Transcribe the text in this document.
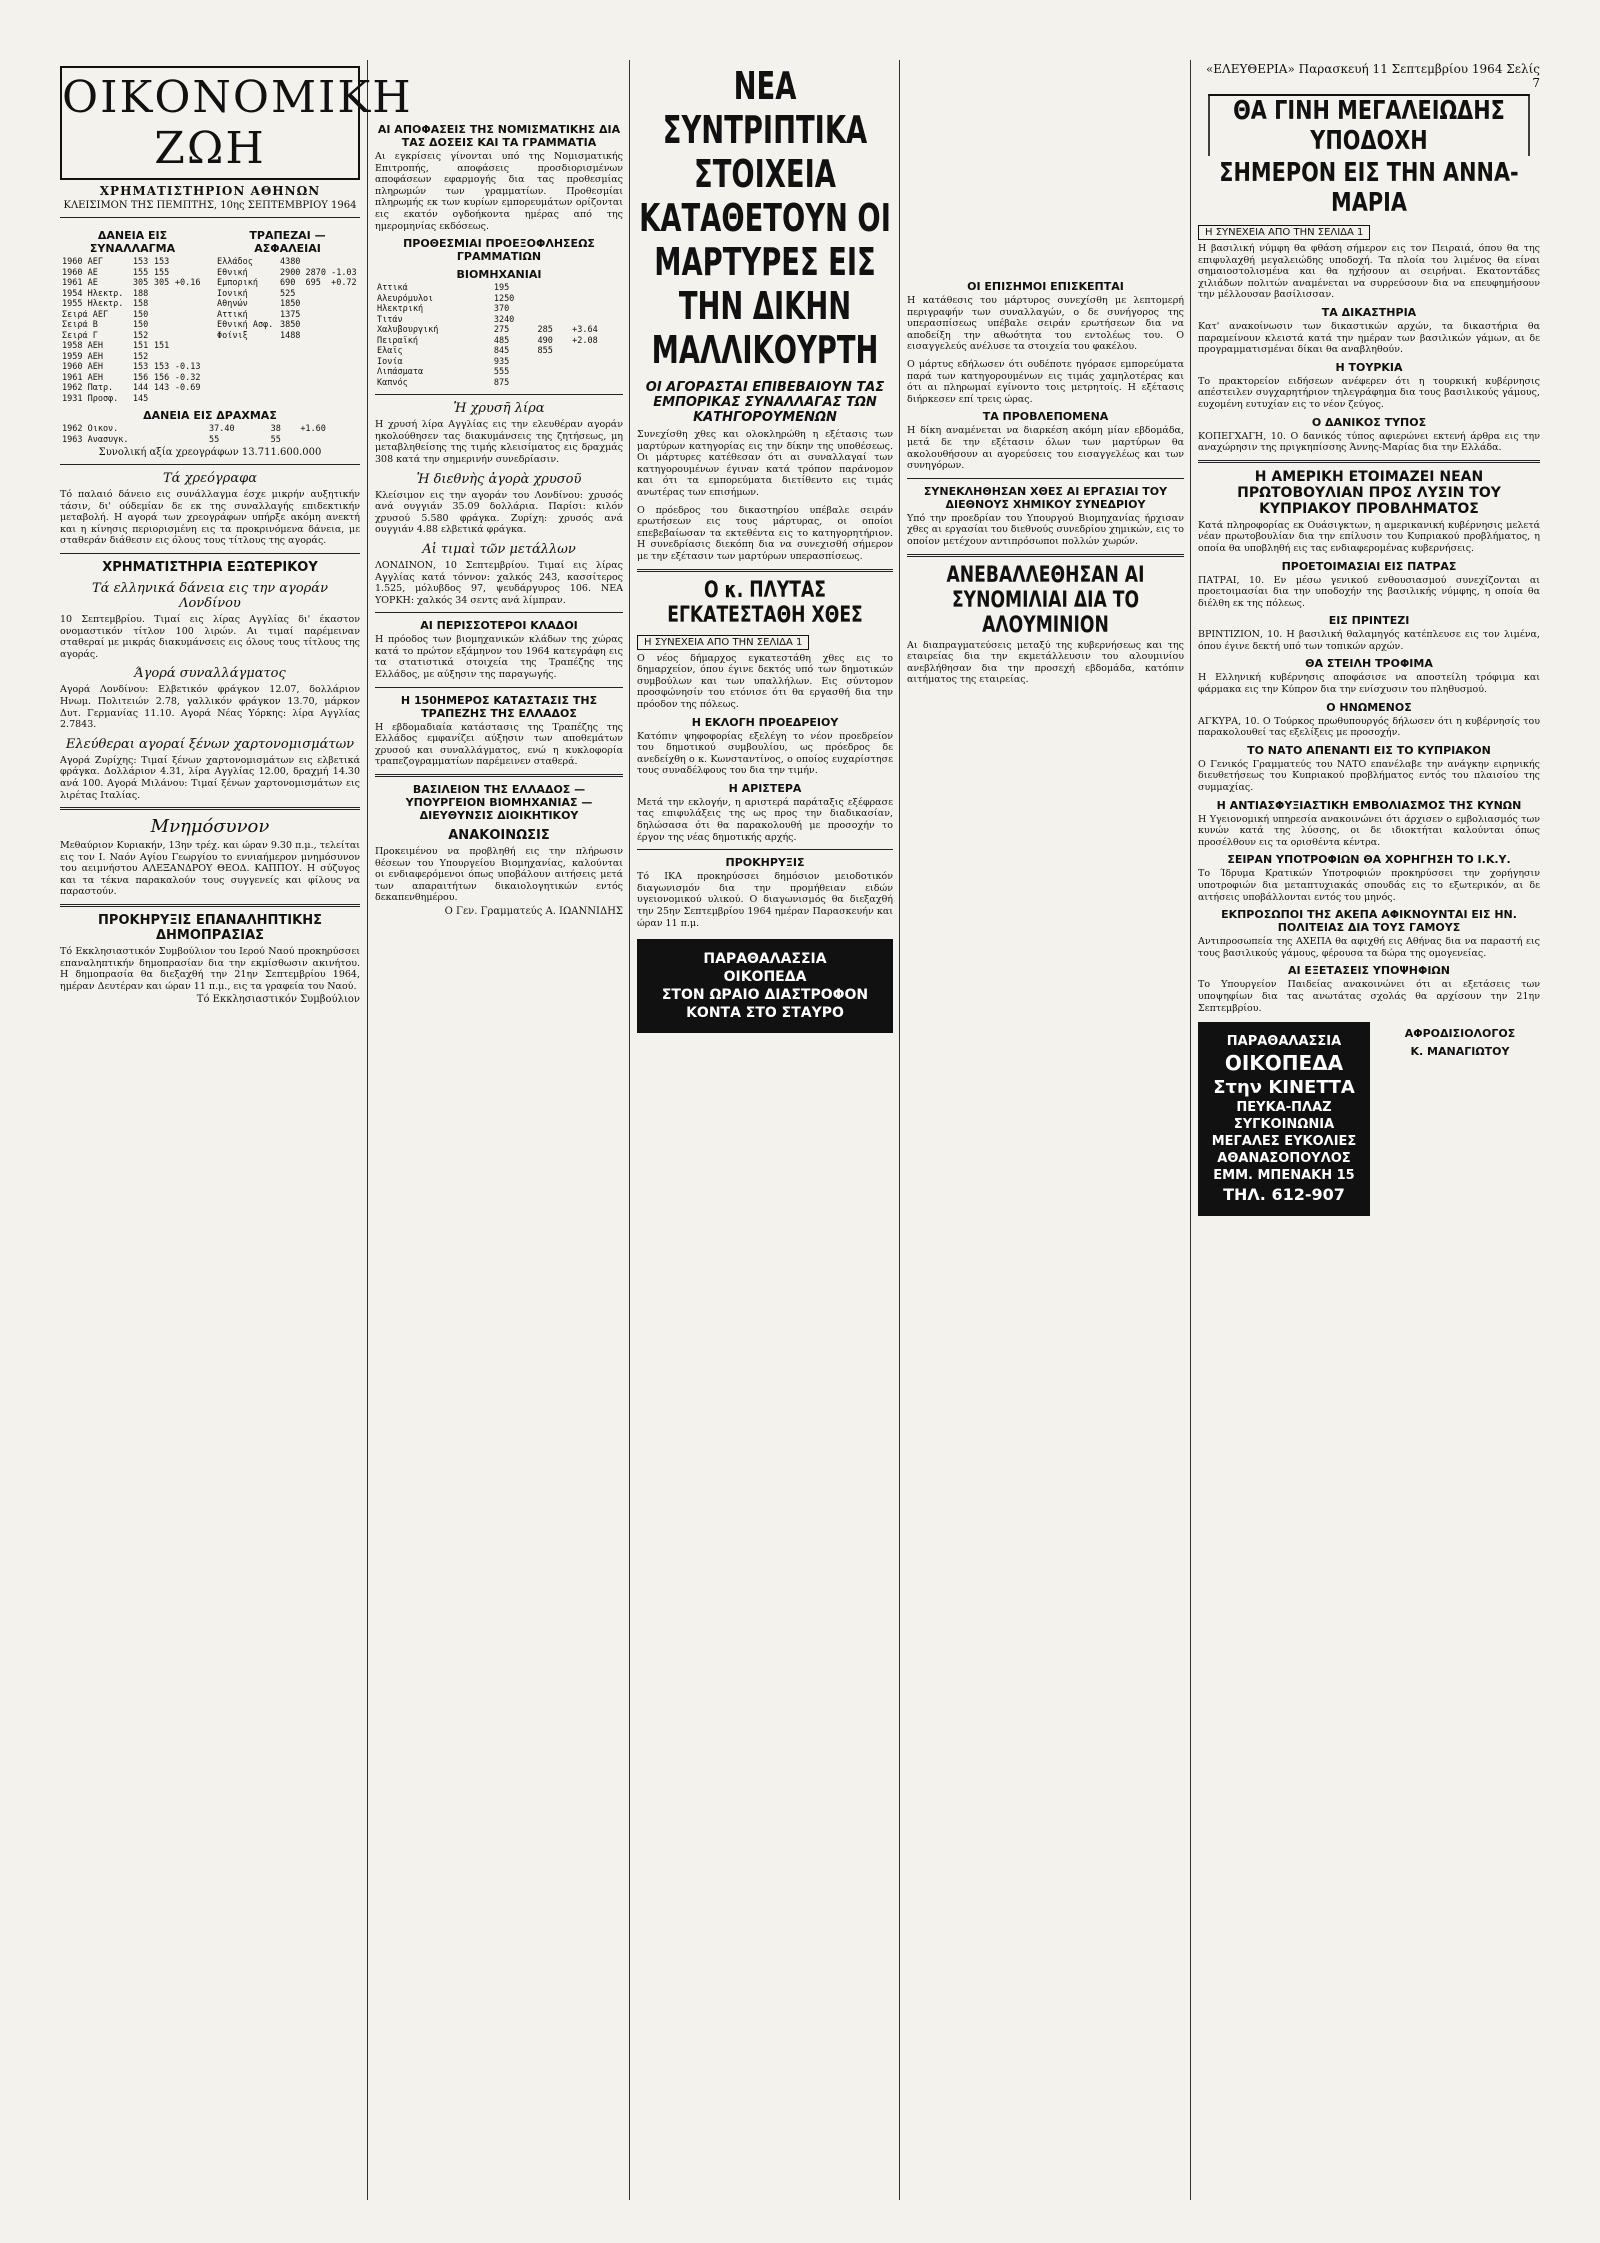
ΟΙΚΟΝΟΜΙΚΗ ΖΩΗ
ΧΡΗΜΑΤΙΣΤΗΡΙΟΝ ΑΘΗΝΩΝ
ΚΛΕΙΣΙΜΟΝ ΤΗΣ ΠΕΜΠΤΗΣ, 10ης ΣΕΠΤΕΜΒΡΙΟΥ 1964
ΔΑΝΕΙΑ ΕΙΣ ΣΥΝΑΛΛΑΓΜΑ
1960 ΑΕΓ	153	153	
1960 ΑΕ	155	155	
1961 ΑΕ	305	305	+0.16
1954 Ηλεκτρ.	188		
1955 Ηλεκτρ.	158		
Σειρά ΑΕΓ	150		
Σειρά Β	150		
Σειρά Γ	152		
1958 ΑΕΗ	151	151	
1959 ΑΕΗ	152		
1960 ΑΕΗ	153	153	-0.13
1961 ΑΕΗ	156	156	-0.32
1962 Πατρ.	144	143	-0.69
1931 Προσφ.	145		
ΤΡΑΠΕΖΑΙ — ΑΣΦΑΛΕΙΑΙ
Ελλάδος	4380		
Εθνική	2900	2870	-1.03
Εμπορική	690	695	+0.72
Ιονική	525		
Αθηνών	1850		
Αττική	1375		
Εθνική Ασφ.	3850		
Φοίνιξ	1488		
ΔΑΝΕΙΑ ΕΙΣ ΔΡΑΧΜΑΣ
1962 Οικον.	37.40	38	+1.60
1963 Ανασυγκ.	55	55	
Συνολική αξία χρεογράφων 13.711.600.000
Τά χρεόγραφα
Τό παλαιό δάνειο εις συνάλλαγμα έσχε μικρήν αυξητικήν τάσιν, δι' ούδεμίαν δε εκ της συναλλαγής επιδεκτικήν μεταβολή. Η αγορά των χρεογράφων υπήρξε ακόμη ανεκτή και η κίνησις περιορισμένη εις τα προκρινόμενα δάνεια, με σταθεράν διάθεσιν εις όλους τους τίτλους της αγοράς.
ΧΡΗΜΑΤΙΣΤΗΡΙΑ ΕΞΩΤΕΡΙΚΟΥ
Τά ελληνικά δάνεια εις την αγοράν Λονδίνου
10 Σεπτεμβρίου. Τιμαί εις λίρας Αγγλίας δι' έκαστον ονομαστικόν τίτλον 100 λιρών. Αι τιμαί παρέμειναν σταθεραί με μικράς διακυμάνσεις εις όλους τους τίτλους της αγοράς.
Άγορά συναλλάγματος
Αγορά Λονδίνου: Ελβετικόν φράγκον 12.07, δολλάριον Ηνωμ. Πολιτειών 2.78, γαλλικόν φράγκον 13.70, μάρκον Δυτ. Γερμανίας 11.10. Αγορά Νέας Υόρκης: λίρα Αγγλίας 2.7843.
Ελεύθεραι αγοραί ξένων χαρτονομισμάτων
Αγορά Ζυρίχης: Τιμαί ξένων χαρτονομισμάτων εις ελβετικά φράγκα. Δολλάριον 4.31, λίρα Αγγλίας 12.00, δραχμή 14.30 ανά 100. Αγορά Μιλάνου: Τιμαί ξένων χαρτονομισμάτων εις λιρέτας Ιταλίας.
Μνημόσυνον
Μεθαύριον Κυριακήν, 13ην τρέχ. και ώραν 9.30 π.μ., τελείται εις τον Ι. Ναόν Αγίου Γεωργίου το εννιαήμερον μνημόσυνον του αειμνήστου ΑΛΕΞΑΝΔΡΟΥ ΘΕΟΔ. ΚΑΠΠΟΥ. Η σύζυγος και τα τέκνα παρακαλούν τους συγγενείς και φίλους να παραστούν.
ΠΡΟΚΗΡΥΞΙΣ ΕΠΑΝΑΛΗΠΤΙΚΗΣ ΔΗΜΟΠΡΑΣΙΑΣ
Τό Εκκλησιαστικόν Συμβούλιον του Ιερού Ναού προκηρύσσει επαναληπτικήν δημοπρασίαν δια την εκμίσθωσιν ακινήτου. Η δημοπρασία θα διεξαχθή την 21ην Σεπτεμβρίου 1964, ημέραν Δευτέραν και ώραν 11 π.μ., εις τα γραφεία του Ναού.
Τό Εκκλησιαστικόν Συμβούλιον
ΑΙ ΑΠΟΦΑΣΕΙΣ ΤΗΣ ΝΟΜΙΣΜΑΤΙΚΗΣ ΔΙΑ ΤΑΣ ΔΟΣΕΙΣ ΚΑΙ ΤΑ ΓΡΑΜΜΑΤΙΑ
Αι εγκρίσεις γίνονται υπό της Νομισματικής Επιτροπής, αποφάσεις προσδιορισμένων αποφάσεων εφαρμογής δια τας προθεσμίας πληρωμών των γραμματίων. Προθεσμίαι πληρωμής εκ των κυρίων εμπορευμάτων ορίζονται εις εκατόν ογδοήκοντα ημέρας από της ημερομηνίας εκδόσεως.
ΠΡΟΘΕΣΜΙΑΙ ΠΡΟΕΞΟΦΛΗΣΕΩΣ ΓΡΑΜΜΑΤΙΩΝ
ΒΙΟΜΗΧΑΝΙΑΙ
Αττικά	195		
Αλευρόμυλοι	1250		
Ηλεκτρική	370		
Τιτάν	3240		
Χαλυβουργική	275	285	+3.64
Πειραϊκή	485	490	+2.08
Ελαϊς	845	855	
Ιονία	935		
Λιπάσματα	555		
Καπνός	875		
Ἡ χρυσῆ λίρα
Η χρυσή λίρα Αγγλίας εις την ελευθέραν αγοράν ηκολούθησεν τας διακυμάνσεις της ζητήσεως, μη μεταβληθείσης της τιμής κλεισίματος εις δραχμάς 308 κατά την σημερινήν συνεδρίασιν.
Ἡ διεθνὴς ἀγορὰ χρυσοῦ
Κλείσιμον εις την αγοράν του Λονδίνου: χρυσός ανά ουγγιάν 35.09 δολλάρια. Παρίσι: κιλόν χρυσού 5.580 φράγκα. Ζυρίχη: χρυσός ανά ουγγιάν 4.88 ελβετικά φράγκα.
Αἱ τιμαὶ τῶν μετάλλων
ΛΟΝΔΙΝΟΝ, 10 Σεπτεμβρίου. Τιμαί εις λίρας Αγγλίας κατά τόννον: χαλκός 243, κασσίτερος 1.525, μόλυβδος 97, ψευδάργυρος 106. ΝΕΑ ΥΟΡΚΗ: χαλκός 34 σεντς ανά λίμπραν.
ΑΙ ΠΕΡΙΣΣΟΤΕΡΟΙ ΚΛΑΔΟΙ
Η πρόοδος των βιομηχανικών κλάδων της χώρας κατά το πρώτον εξάμηνον του 1964 κατεγράφη εις τα στατιστικά στοιχεία της Τραπέζης της Ελλάδος, με αύξησιν της παραγωγής.
Η 150ΗΜΕΡΟΣ ΚΑΤΑΣΤΑΣΙΣ ΤΗΣ ΤΡΑΠΕΖΗΣ ΤΗΣ ΕΛΛΑΔΟΣ
Η εβδομαδιαία κατάστασις της Τραπέζης της Ελλάδος εμφανίζει αύξησιν των αποθεμάτων χρυσού και συναλλάγματος, ενώ η κυκλοφορία τραπεζογραμματίων παρέμεινεν σταθερά.
ΒΑΣΙΛΕΙΟΝ ΤΗΣ ΕΛΛΑΔΟΣ — ΥΠΟΥΡΓΕΙΟΝ ΒΙΟΜΗΧΑΝΙΑΣ — ΔΙΕΥΘΥΝΣΙΣ ΔΙΟΙΚΗΤΙΚΟΥ
ΑΝΑΚΟΙΝΩΣΙΣ
Προκειμένου να προβληθή εις την πλήρωσιν θέσεων του Υπουργείου Βιομηχανίας, καλούνται οι ενδιαφερόμενοι όπως υποβάλουν αιτήσεις μετά των απαραιτήτων δικαιολογητικών εντός δεκαπενθημέρου.
Ο Γεν. Γραμματεύς Α. ΙΩΑΝΝΙΔΗΣ
ΝΕΑ ΣΥΝΤΡΙΠΤΙΚΑ ΣΤΟΙΧΕΙΑ ΚΑΤΑΘΕΤΟΥΝ ΟΙ ΜΑΡΤΥΡΕΣ ΕΙΣ ΤΗΝ ΔΙΚΗΝ ΜΑΛΛΙΚΟΥΡΤΗ
ΟΙ ΑΓΟΡΑΣΤΑΙ ΕΠΙΒΕΒΑΙΟΥΝ ΤΑΣ ΕΜΠΟΡΙΚΑΣ ΣΥΝΑΛΛΑΓΑΣ ΤΩΝ ΚΑΤΗΓΟΡΟΥΜΕΝΩΝ
Συνεχίσθη χθες και ολοκληρώθη η εξέτασις των μαρτύρων κατηγορίας εις την δίκην της υποθέσεως. Οι μάρτυρες κατέθεσαν ότι αι συναλλαγαί των κατηγορουμένων έγιναν κατά τρόπον παράνομον και ότι τα εμπορεύματα διετίθεντο εις τιμάς ανωτέρας των επισήμων.
Ο πρόεδρος του δικαστηρίου υπέβαλε σειράν ερωτήσεων εις τους μάρτυρας, οι οποίοι επεβεβαίωσαν τα εκτεθέντα εις το κατηγορητήριον. Η συνεδρίασις διεκόπη δια να συνεχισθή σήμερον με την εξέτασιν των μαρτύρων υπερασπίσεως.
Ο κ. ΠΛΥΤΑΣ ΕΓΚΑΤΕΣΤΑΘΗ ΧΘΕΣ
Η ΣΥΝΕΧΕΙΑ ΑΠΟ ΤΗΝ ΣΕΛΙΔΑ 1
Ο νέος δήμαρχος εγκατεστάθη χθες εις το δημαρχείον, όπου έγινε δεκτός υπό των δημοτικών συμβούλων και των υπαλλήλων. Εις σύντομον προσφώνησίν του ετόνισε ότι θα εργασθή δια την πρόοδον της πόλεως.
Η ΕΚΛΟΓΗ ΠΡΟΕΔΡΕΙΟΥ
Κατόπιν ψηφοφορίας εξελέγη το νέον προεδρείον του δημοτικού συμβουλίου, ως πρόεδρος δε ανεδείχθη ο κ. Κωνσταντίνος, ο οποίος ευχαρίστησε τους συναδέλφους του δια την τιμήν.
Η ΑΡΙΣΤΕΡΑ
Μετά την εκλογήν, η αριστερά παράταξις εξέφρασε τας επιφυλάξεις της ως προς την διαδικασίαν, δηλώσασα ότι θα παρακολουθή με προσοχήν το έργον της νέας δημοτικής αρχής.
ΠΡΟΚΗΡΥΞΙΣ
Τό ΙΚΑ προκηρύσσει δημόσιον μειοδοτικόν διαγωνισμόν δια την προμήθειαν ειδών υγειονομικού υλικού. Ο διαγωνισμός θα διεξαχθή την 25ην Σεπτεμβρίου 1964 ημέραν Παρασκευήν και ώραν 11 π.μ.
ΠΑΡΑΘΑΛΑΣΣΙΑ
ΟΙΚΟΠΕΔΑ
ΣΤΟΝ ΩΡΑΙΟ ΔΙΑΣΤΡΟΦΟΝ
ΚΟΝΤΑ ΣΤΟ ΣΤΑΥΡΟ
ΟΙ ΕΠΙΣΗΜΟΙ ΕΠΙΣΚΕΠΤΑΙ
Η κατάθεσις του μάρτυρος συνεχίσθη με λεπτομερή περιγραφήν των συναλλαγών, ο δε συνήγορος της υπερασπίσεως υπέβαλε σειράν ερωτήσεων δια να αποδείξη την αθωότητα του εντολέως του. Ο εισαγγελεύς ανέλυσε τα στοιχεία του φακέλου.
Ο μάρτυς εδήλωσεν ότι ουδέποτε ηγόρασε εμπορεύματα παρά των κατηγορουμένων εις τιμάς χαμηλοτέρας και ότι αι πληρωμαί εγίνοντο τοις μετρητοίς. Η εξέτασις διήρκεσεν επί τρεις ώρας.
ΤΑ ΠΡΟΒΛΕΠΟΜΕΝΑ
Η δίκη αναμένεται να διαρκέση ακόμη μίαν εβδομάδα, μετά δε την εξέτασιν όλων των μαρτύρων θα ακολουθήσουν αι αγορεύσεις του εισαγγελέως και των συνηγόρων.
ΣΥΝΕΚΛΗΘΗΣΑΝ ΧΘΕΣ ΑΙ ΕΡΓΑΣΙΑΙ ΤΟΥ ΔΙΕΘΝΟΥΣ ΧΗΜΙΚΟΥ ΣΥΝΕΔΡΙΟΥ
Υπό την προεδρίαν του Υπουργού Βιομηχανίας ήρχισαν χθες αι εργασίαι του διεθνούς συνεδρίου χημικών, εις το οποίον μετέχουν αντιπρόσωποι πολλών χωρών.
ΑΝΕΒΑΛΛΕΘΗΣΑΝ ΑΙ ΣΥΝΟΜΙΛΙΑΙ ΔΙΑ ΤΟ ΑΛΟΥΜΙΝΙΟΝ
Αι διαπραγματεύσεις μεταξύ της κυβερνήσεως και της εταιρείας δια την εκμετάλλευσιν του αλουμινίου ανεβλήθησαν δια την προσεχή εβδομάδα, κατόπιν αιτήματος της εταιρείας.
«ΕΛΕΥΘΕΡΙΑ» Παρασκευή 11 Σεπτεμβρίου 1964 Σελίς 7
ΘΑ ΓΙΝΗ ΜΕΓΑΛΕΙΩΔΗΣ ΥΠΟΔΟΧΗ
ΣΗΜΕΡΟΝ ΕΙΣ ΤΗΝ ΑΝΝΑ-ΜΑΡΙΑ
Η ΣΥΝΕΧΕΙΑ ΑΠΟ ΤΗΝ ΣΕΛΙΔΑ 1
Η βασιλική νύμφη θα φθάση σήμερον εις τον Πειραιά, όπου θα της επιφυλαχθή μεγαλειώδης υποδοχή. Τα πλοία του λιμένος θα είναι σημαιοστολισμένα και θα ηχήσουν αι σειρήναι. Εκατοντάδες χιλιάδων πολιτών αναμένεται να συρρεύσουν δια να επευφημήσουν την μέλλουσαν βασίλισσαν.
ΤΑ ΔΙΚΑΣΤΗΡΙΑ
Κατ' ανακοίνωσιν των δικαστικών αρχών, τα δικαστήρια θα παραμείνουν κλειστά κατά την ημέραν των βασιλικών γάμων, αι δε προγραμματισμέναι δίκαι θα αναβληθούν.
Η ΤΟΥΡΚΙΑ
Το πρακτορείον ειδήσεων ανέφερεν ότι η τουρκική κυβέρνησις απέστειλεν συγχαρητήριον τηλεγράφημα δια τους βασιλικούς γάμους, ευχομένη ευτυχίαν εις το νέον ζεύγος.
Ο ΔΑΝΙΚΟΣ ΤΥΠΟΣ
ΚΟΠΕΓΧΑΓΗ, 10. Ο δανικός τύπος αφιερώνει εκτενή άρθρα εις την αναχώρησιν της πριγκηπίσσης Άννης-Μαρίας δια την Ελλάδα.
Η ΑΜΕΡΙΚΗ ΕΤΟΙΜΑΖΕΙ ΝΕΑΝ ΠΡΩΤΟΒΟΥΛΙΑΝ ΠΡΟΣ ΛΥΣΙΝ ΤΟΥ ΚΥΠΡΙΑΚΟΥ ΠΡΟΒΛΗΜΑΤΟΣ
Κατά πληροφορίας εκ Ουάσιγκτων, η αμερικανική κυβέρνησις μελετά νέαν πρωτοβουλίαν δια την επίλυσιν του Κυπριακού προβλήματος, η οποία θα υποβληθή εις τας ενδιαφερομένας κυβερνήσεις.
ΠΡΟΕΤΟΙΜΑΣΙΑΙ ΕΙΣ ΠΑΤΡΑΣ
ΠΑΤΡΑΙ, 10. Εν μέσω γενικού ενθουσιασμού συνεχίζονται αι προετοιμασίαι δια την υποδοχήν της βασιλικής νύμφης, η οποία θα διέλθη εκ της πόλεως.
ΕΙΣ ΠΡΙΝΤΕΖΙ
ΒΡΙΝΤΙΖΙΟΝ, 10. Η βασιλική θαλαμηγός κατέπλευσε εις τον λιμένα, όπου έγινε δεκτή υπό των τοπικών αρχών.
ΘΑ ΣΤΕΙΛΗ ΤΡΟΦΙΜΑ
Η Ελληνική κυβέρνησις αποφάσισε να αποστείλη τρόφιμα και φάρμακα εις την Κύπρον δια την ενίσχυσιν του πληθυσμού.
Ο ΗΝΩΜΕΝΟΣ
ΑΓΚΥΡΑ, 10. Ο Τούρκος πρωθυπουργός δήλωσεν ότι η κυβέρνησίς του παρακολουθεί τας εξελίξεις με προσοχήν.
ΤΟ ΝΑΤΟ ΑΠΕΝΑΝΤΙ ΕΙΣ ΤΟ ΚΥΠΡΙΑΚΟΝ
Ο Γενικός Γραμματεύς του ΝΑΤΟ επανέλαβε την ανάγκην ειρηνικής διευθετήσεως του Κυπριακού προβλήματος εντός του πλαισίου της συμμαχίας.
Η ΑΝΤΙΑΣΦΥΞΙΑΣΤΙΚΗ ΕΜΒΟΛΙΑΣΜΟΣ ΤΗΣ ΚΥΝΩΝ
Η Υγειονομική υπηρεσία ανακοινώνει ότι άρχισεν ο εμβολιασμός των κυνών κατά της λύσσης, οι δε ιδιοκτήται καλούνται όπως προσέλθουν εις τα ορισθέντα κέντρα.
ΣΕΙΡΑΝ ΥΠΟΤΡΟΦΙΩΝ ΘΑ ΧΟΡΗΓΗΣΗ ΤΟ Ι.Κ.Υ.
Το Ίδρυμα Κρατικών Υποτροφιών προκηρύσσει την χορήγησιν υποτροφιών δια μεταπτυχιακάς σπουδάς εις το εξωτερικόν, αι δε αιτήσεις υποβάλλονται εντός του μηνός.
ΕΚΠΡΟΣΩΠΟΙ ΤΗΣ ΑΚΕΠΑ ΑΦΙΚΝΟΥΝΤΑΙ ΕΙΣ ΗΝ. ΠΟΛΙΤΕΙΑΣ ΔΙΑ ΤΟΥΣ ΓΑΜΟΥΣ
Αντιπροσωπεία της ΑΧΕΠΑ θα αφιχθή εις Αθήνας δια να παραστή εις τους βασιλικούς γάμους, φέρουσα τα δώρα της ομογενείας.
ΑΙ ΕΞΕΤΑΣΕΙΣ ΥΠΟΨΗΦΙΩΝ
Το Υπουργείον Παιδείας ανακοινώνει ότι αι εξετάσεις των υποψηφίων δια τας ανωτάτας σχολάς θα αρχίσουν την 21ην Σεπτεμβρίου.
ΠΑΡΑΘΑΛΑΣΣΙΑ
ΟΙΚΟΠΕΔΑ
Στην ΚΙΝΕΤΤΑ
ΠΕΥΚΑ-ΠΛΑΖ
ΣΥΓΚΟΙΝΩΝΙΑ
ΜΕΓΑΛΕΣ ΕΥΚΟΛΙΕΣ
ΑΘΑΝΑΣΟΠΟΥΛΟΣ
ΕΜΜ. ΜΠΕΝΑΚΗ 15
ΤΗΛ. 612-907
ΑΦΡΟΔΙΣΙΟΛΟΓΟΣ
Κ. ΜΑΝΑΓΙΩΤΟΥ
